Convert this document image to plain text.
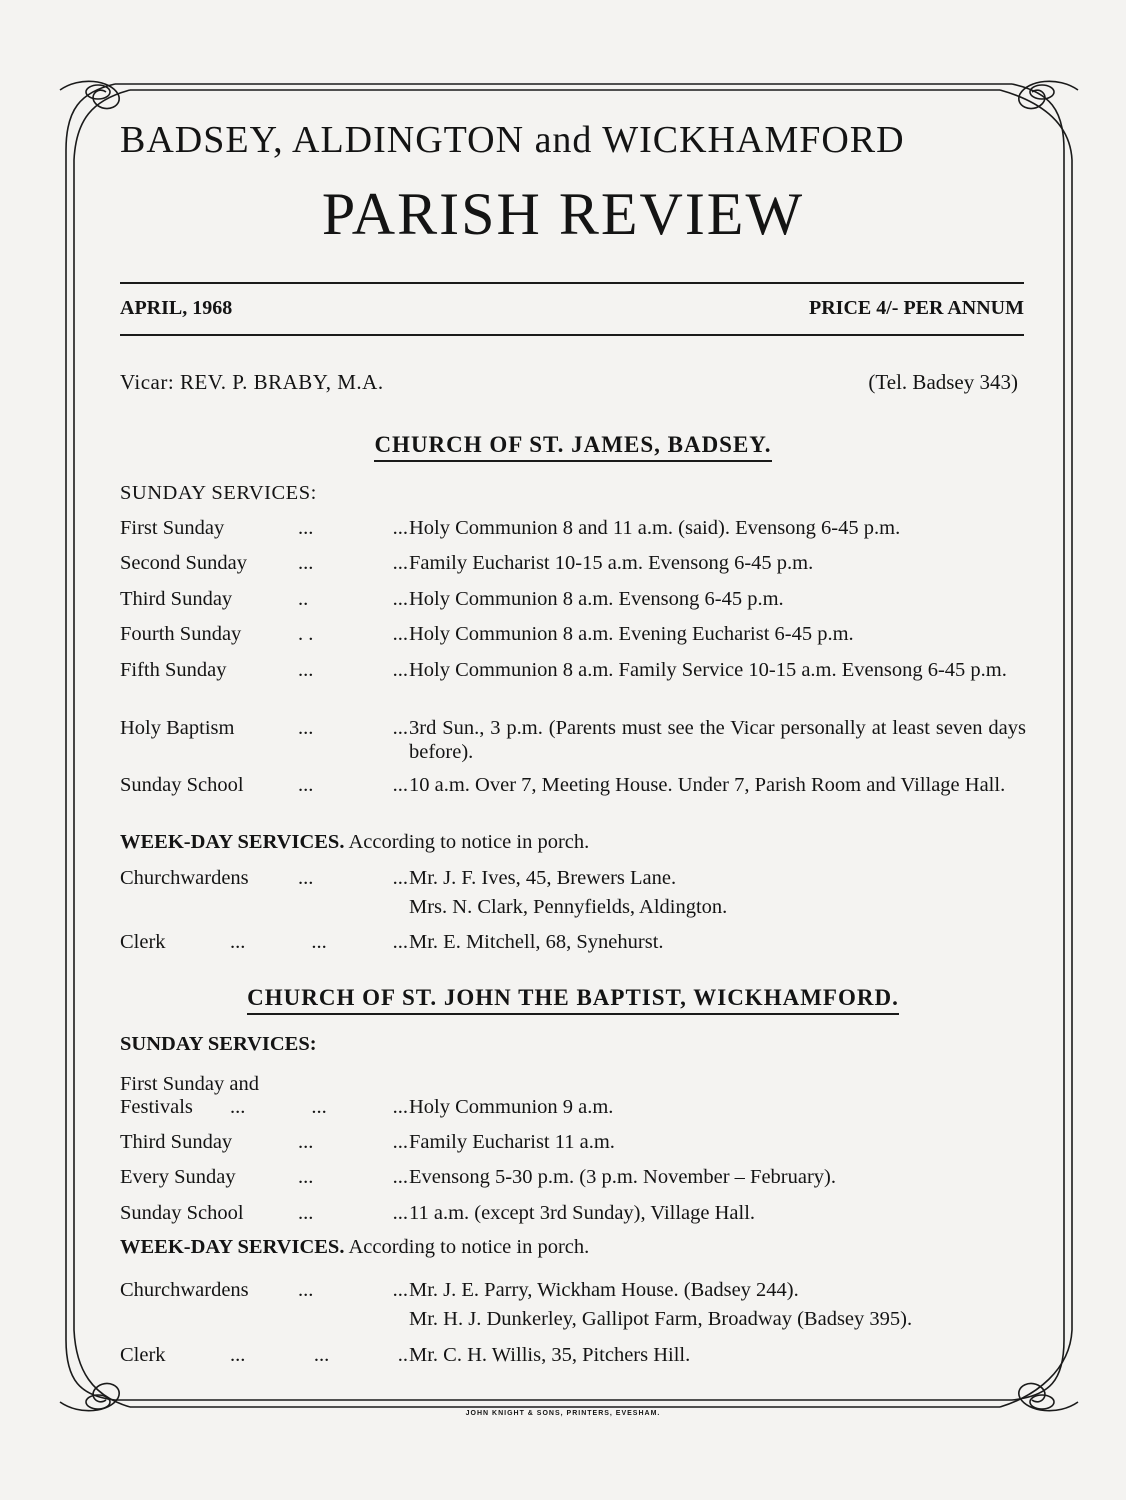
BADSEY, ALDINGTON and WICKHAMFORD
PARISH REVIEW
APRIL, 1968	PRICE 4/- PER ANNUM
Vicar: REV. P. BRABY, M.A.	(Tel. Badsey 343)
CHURCH OF ST. JAMES, BADSEY.
SUNDAY SERVICES:
First Sunday	...	... Holy Communion 8 and 11 a.m. (said). Evensong 6-45 p.m.
Second Sunday ...	... Family Eucharist 10-15 a.m. Evensong 6-45 p.m.
Third Sunday	..	... Holy Communion 8 a.m. Evensong 6-45 p.m.
Fourth Sunday	. .	... Holy Communion 8 a.m. Evening Eucharist 6-45 p.m.
Fifth Sunday	...	... Holy Communion 8 a.m. Family Service 10-15 a.m. Evensong 6-45 p.m.
Holy Baptism	...	... 3rd Sun., 3 p.m. (Parents must see the Vicar personally at least seven days before).
Sunday School	...	... 10 a.m. Over 7, Meeting House. Under 7, Parish Room and Village Hall.
WEEK-DAY SERVICES. According to notice in porch.
Churchwardens ...	... Mr. J. F. Ives, 45, Brewers Lane.
Mrs. N. Clark, Pennyfields, Aldington.
Clerk	...	...	... Mr. E. Mitchell, 68, Synehurst.
CHURCH OF ST. JOHN THE BAPTIST, WICKHAMFORD.
SUNDAY SERVICES:
First Sunday and
Festivals ...	...	... Holy Communion 9 a.m.
Third Sunday	...	... Family Eucharist 11 a.m.
Every Sunday	...	... Evensong 5-30 p.m. (3 p.m. November – February).
Sunday School	...	... 11 a.m. (except 3rd Sunday), Village Hall.
WEEK-DAY SERVICES. According to notice in porch.
Churchwardens ...	... Mr. J. E. Parry, Wickham House. (Badsey 244).
Mr. H. J. Dunkerley, Gallipot Farm, Broadway (Badsey 395).
Clerk	...	...	.. Mr. C. H. Willis, 35, Pitchers Hill.
JOHN KNIGHT & SONS, PRINTERS, EVESHAM.
